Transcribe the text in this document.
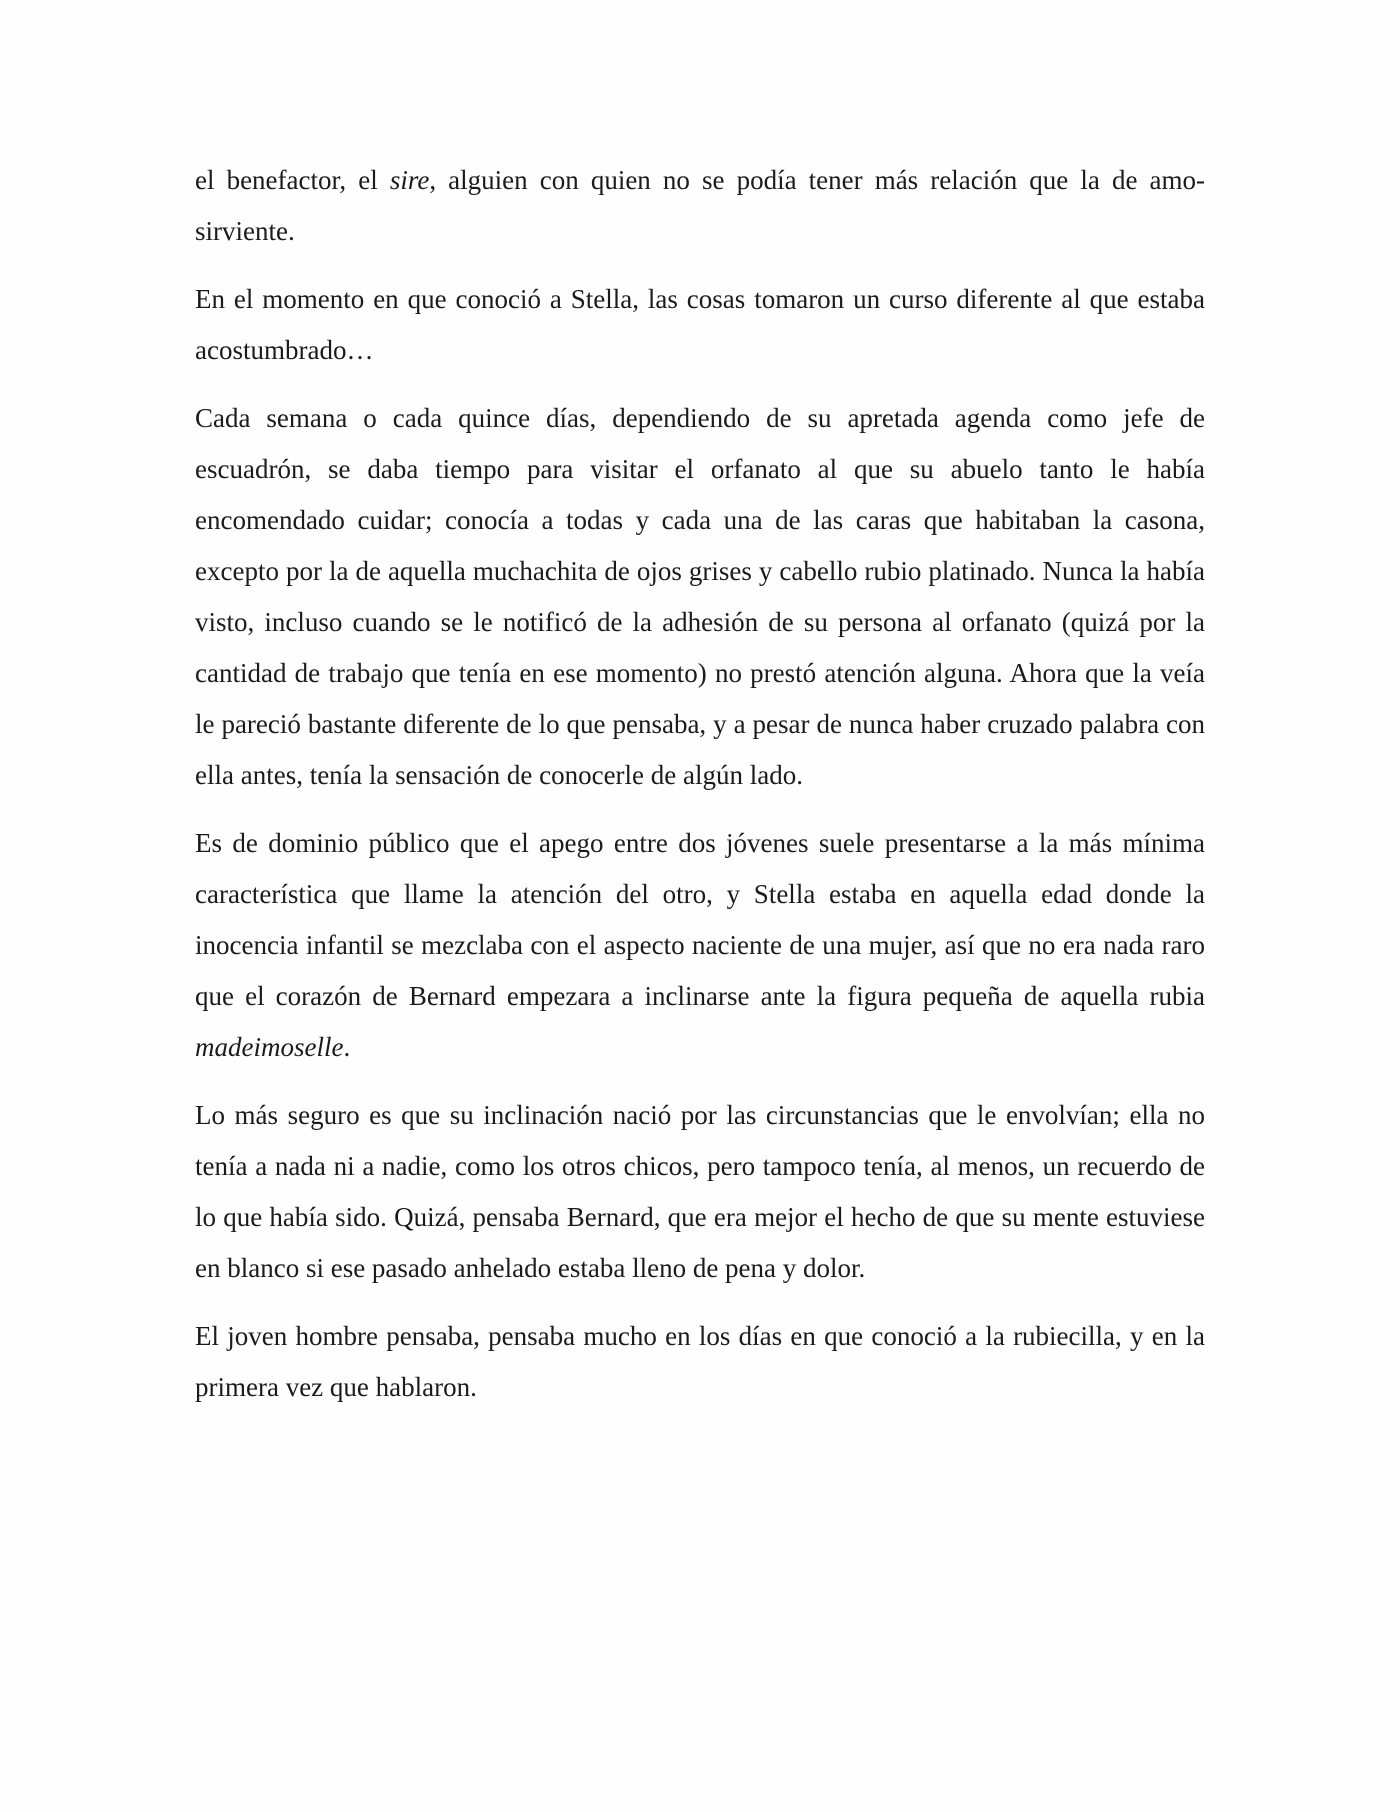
el benefactor, el sire, alguien con quien no se podía tener más relación que la de amo-sirviente.

En el momento en que conoció a Stella, las cosas tomaron un curso diferente al que estaba acostumbrado…

Cada semana o cada quince días, dependiendo de su apretada agenda como jefe de escuadrón, se daba tiempo para visitar el orfanato al que su abuelo tanto le había encomendado cuidar; conocía a todas y cada una de las caras que habitaban la casona, excepto por la de aquella muchachita de ojos grises y cabello rubio platinado. Nunca la había visto, incluso cuando se le notificó de la adhesión de su persona al orfanato (quizá por la cantidad de trabajo que tenía en ese momento) no prestó atención alguna. Ahora que la veía le pareció bastante diferente de lo que pensaba, y a pesar de nunca haber cruzado palabra con ella antes, tenía la sensación de conocerle de algún lado.

Es de dominio público que el apego entre dos jóvenes suele presentarse a la más mínima característica que llame la atención del otro, y Stella estaba en aquella edad donde la inocencia infantil se mezclaba con el aspecto naciente de una mujer, así que no era nada raro que el corazón de Bernard empezara a inclinarse ante la figura pequeña de aquella rubia madeimoselle.

Lo más seguro es que su inclinación nació por las circunstancias que le envolvían; ella no tenía a nada ni a nadie, como los otros chicos, pero tampoco tenía, al menos, un recuerdo de lo que había sido. Quizá, pensaba Bernard, que era mejor el hecho de que su mente estuviese en blanco si ese pasado anhelado estaba lleno de pena y dolor.

El joven hombre pensaba, pensaba mucho en los días en que conoció a la rubiecilla, y en la primera vez que hablaron.
